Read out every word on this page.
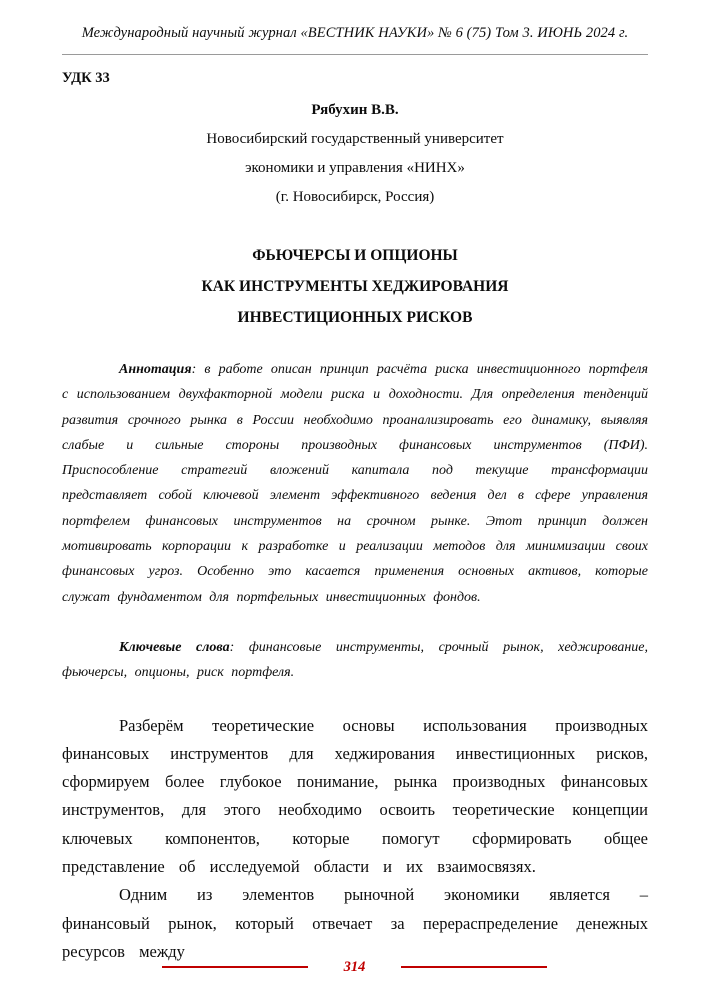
Международный научный журнал «ВЕСТНИК НАУКИ» № 6 (75) Том 3. ИЮНЬ 2024 г.
УДК 33
Рябухин В.В.
Новосибирский государственный университет
экономики и управления «НИНХ»
(г. Новосибирск, Россия)
ФЬЮЧЕРСЫ И ОПЦИОНЫ
КАК ИНСТРУМЕНТЫ ХЕДЖИРОВАНИЯ
ИНВЕСТИЦИОННЫХ РИСКОВ

Аннотация: в работе описан принцип расчёта риска инвестиционного портфеля с использованием двухфакторной модели риска и доходности. Для определения тенденций развития срочного рынка в России необходимо проанализировать его динамику, выявляя слабые и сильные стороны производных финансовых инструментов (ПФИ). Приспособление стратегий вложений капитала под текущие трансформации представляет собой ключевой элемент эффективного ведения дел в сфере управления портфелем финансовых инструментов на срочном рынке. Этот принцип должен мотивировать корпорации к разработке и реализации методов для минимизации своих финансовых угроз. Особенно это касается применения основных активов, которые служат фундаментом для портфельных инвестиционных фондов.

Ключевые слова: финансовые инструменты, срочный рынок, хеджирование, фьючерсы, опционы, риск портфеля.

Разберём теоретические основы использования производных финансовых инструментов для хеджирования инвестиционных рисков, сформируем более глубокое понимание, рынка производных финансовых инструментов, для этого необходимо освоить теоретические концепции ключевых компонентов, которые помогут сформировать общее представление об исследуемой области и их взаимосвязях.

Одним из элементов рыночной экономики является – финансовый рынок, который отвечает за перераспределение денежных ресурсов между

314
